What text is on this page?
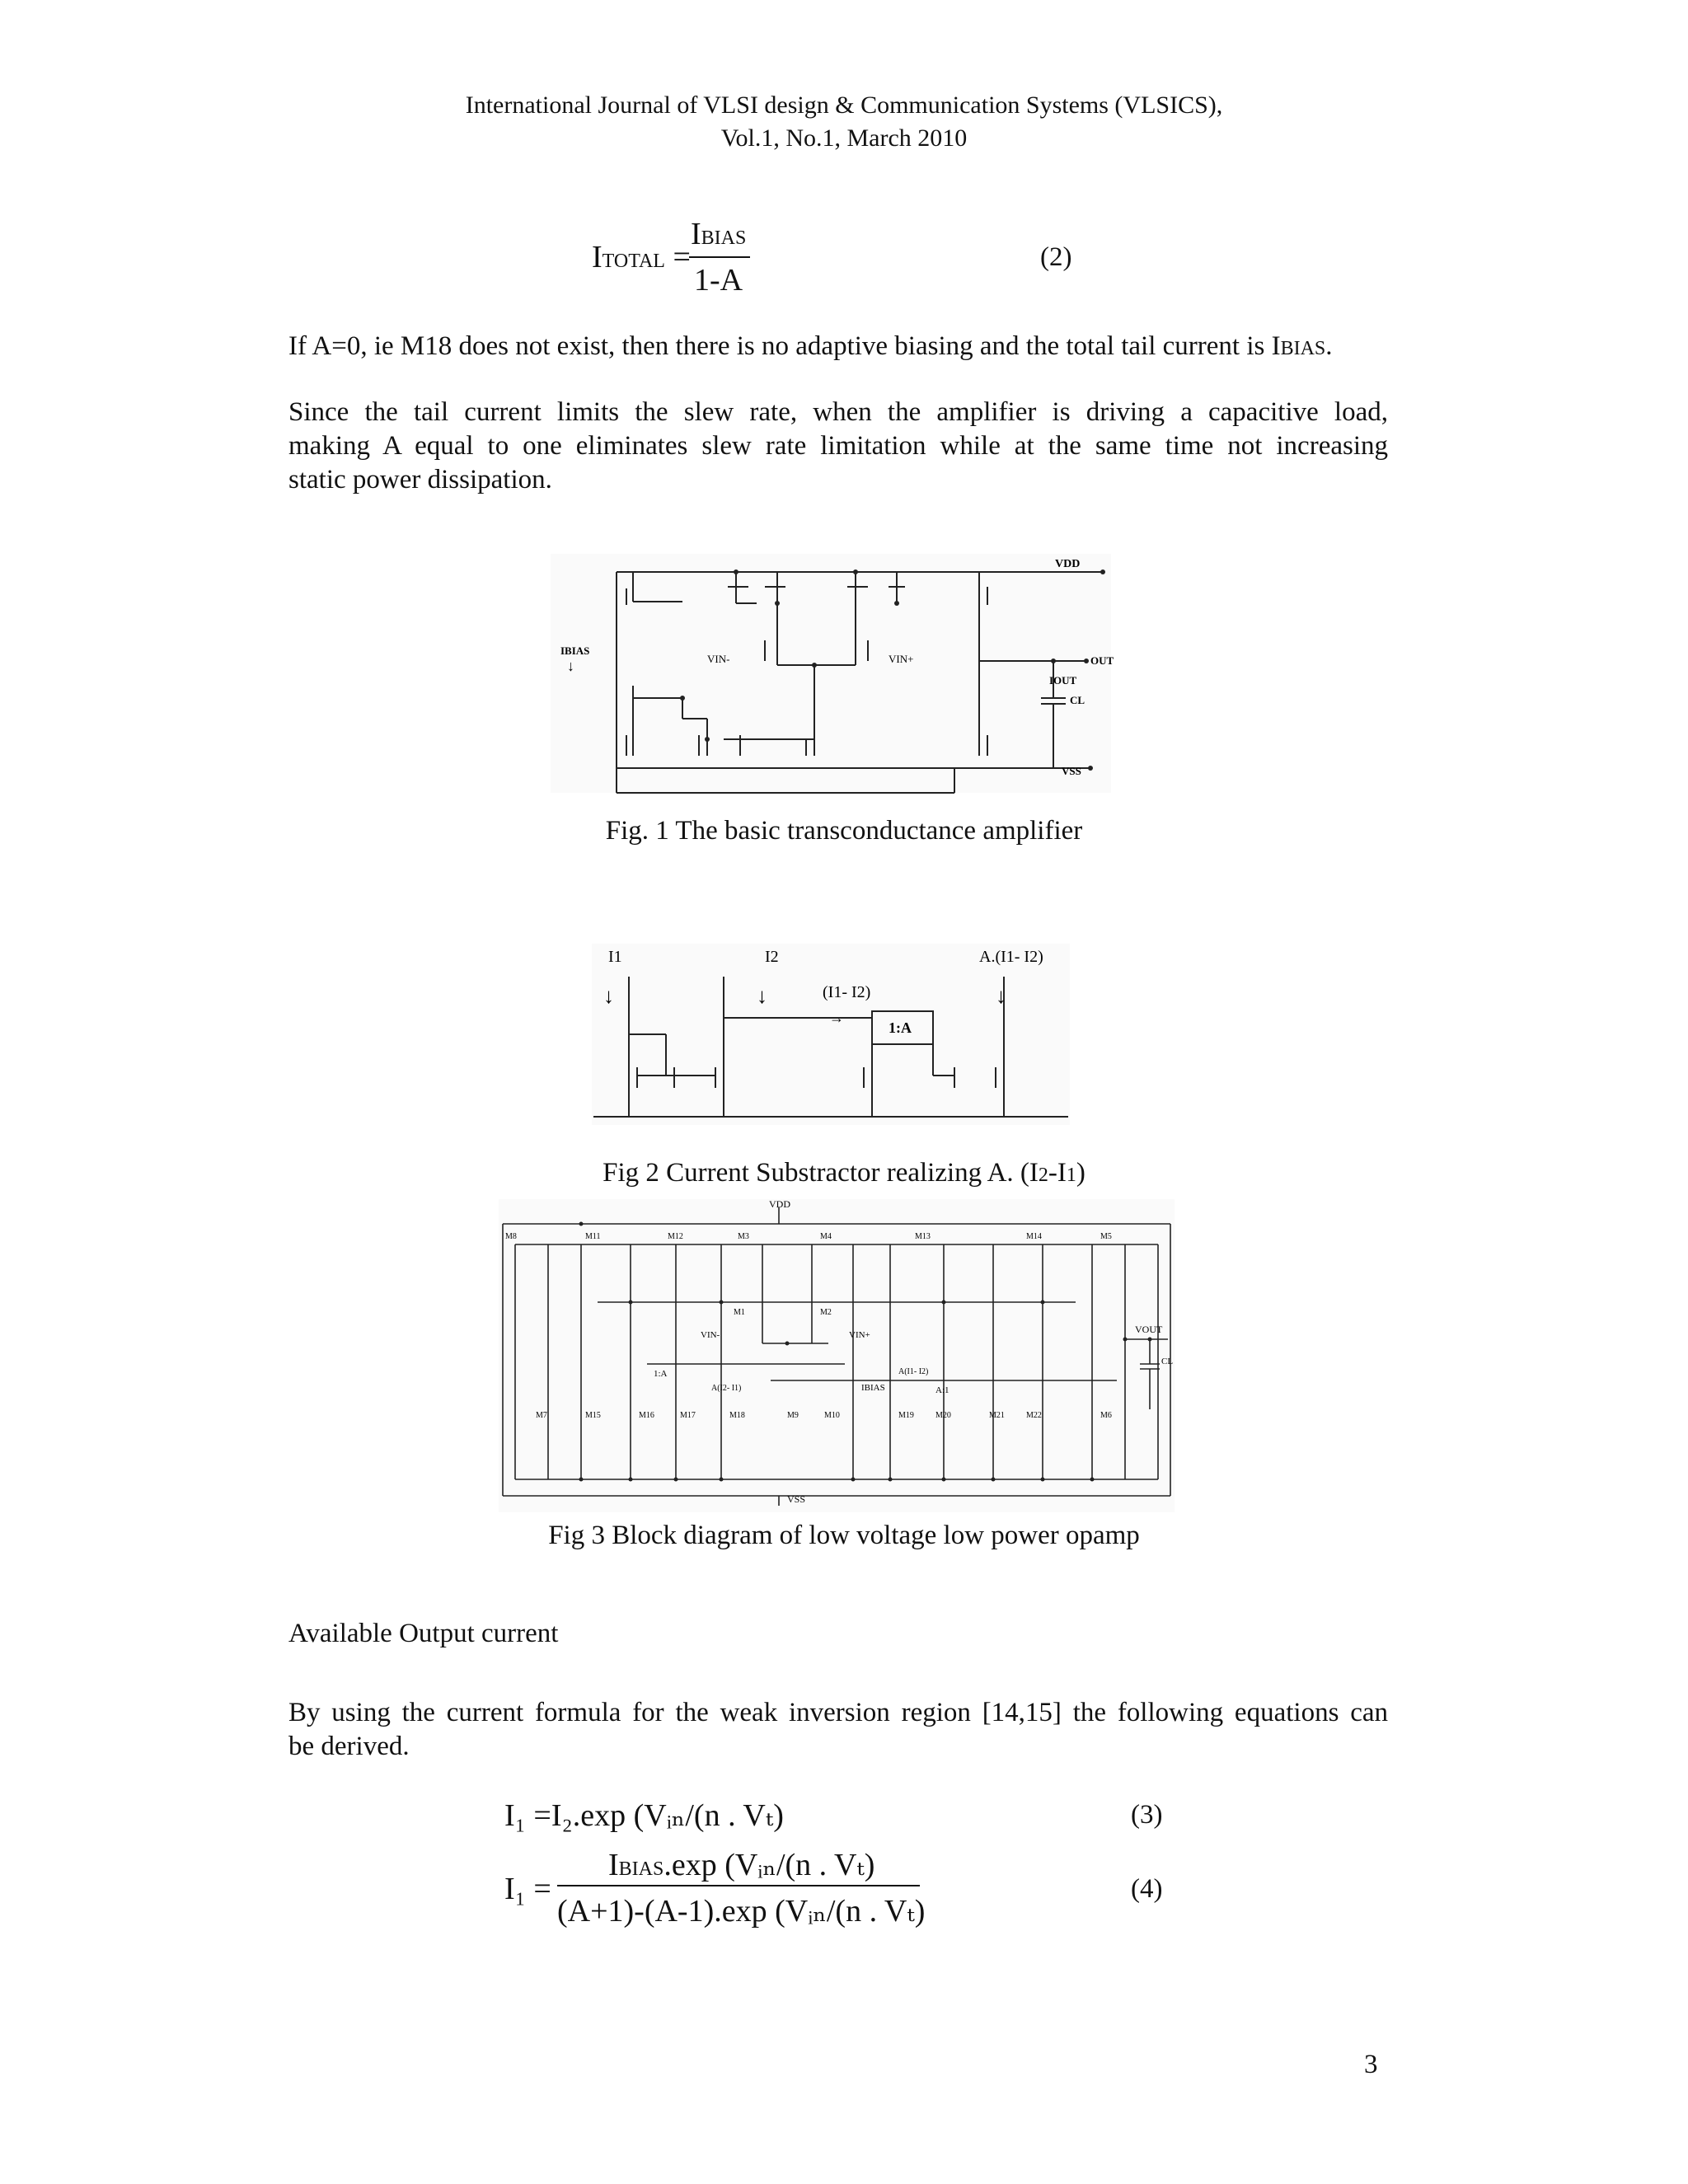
International Journal of VLSI design & Communication Systems (VLSICS),
Vol.1, No.1, March 2010
ITOTAL =
IBIAS
1-A
(2)
If A=0, ie M18 does not exist, then there is no adaptive biasing and the total tail current is IBIAS.
Since the tail current limits the slew rate, when the amplifier is driving a capacitive load,
making A equal to one eliminates slew rate limitation while at the same time not increasing
static power dissipation.
VDD
IBIAS
↓	VIN-	VIN+	OUT
IOUT
CL
VSS
Fig. 1 The basic transconductance amplifier
I1
↓
I2
↓	(I1- I2)
→
1:A
A.(I1- I2)
↓
Fig 2 Current Substractor realizing A. (I2-I1)
VDD
VSS
VOUT
CL
VIN-	VIN+
IBIAS
1:A
A:1
A(I2- I1)
A(I1- I2)
M8	M11	M12	M3	M4	M13	M14	M5
M1	M2
M7	M15	M16	M17	M18	M9	M10	M19	M20	M21	M22	M6
Fig 3 Block diagram of low voltage low power opamp
Available Output current
By using the current formula for the weak inversion region [14,15] the following equations can
be derived.
I₁ =I₂.exp (Vᵢₙ/(n . Vₜ)	(3)
I₁ =
IBIAS.exp (Vᵢₙ/(n . Vₜ)
(A+1)-(A-1).exp (Vᵢₙ/(n . Vₜ)
(4)
3
